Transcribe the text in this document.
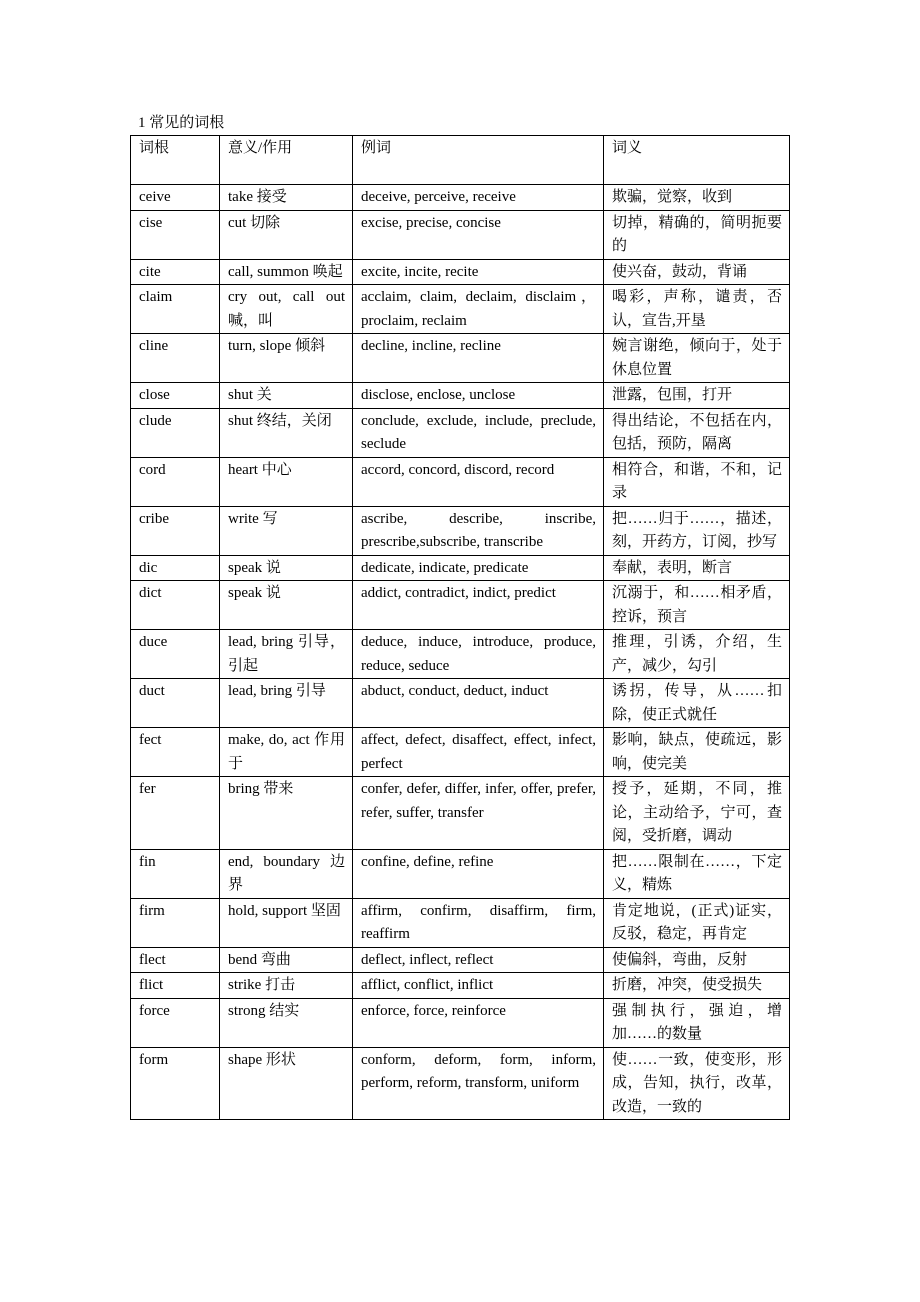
1 常见的词根
词根	意义/作用	例词	词义
ceive	take 接受	deceive, perceive, receive	欺骗，觉察，收到
cise	cut 切除	excise, precise, concise	切掉，精确的，简明扼要的
cite	call, summon 唤起	excite, incite, recite	使兴奋，鼓动，背诵
claim	cry out, call out 喊，叫	acclaim, claim, declaim, disclaim，proclaim, reclaim	喝彩，声称，谴责，否认，宣告,开垦
cline	turn, slope 倾斜	decline, incline, recline	婉言谢绝，倾向于，处于休息位置
close	shut 关	disclose, enclose, unclose	泄露，包围，打开
clude	shut 终结，关闭	conclude, exclude, include, preclude, seclude	得出结论，不包括在内，包括，预防，隔离
cord	heart 中心	accord, concord, discord, record	相符合，和谐，不和，记录
cribe	write 写	ascribe, describe, inscribe, prescribe,subscribe, transcribe	把……归于……，描述，刻，开药方，订阅，抄写
dic	speak 说	dedicate, indicate, predicate	奉献，表明，断言
dict	speak 说	addict, contradict, indict, predict	沉溺于，和……相矛盾，控诉，预言
duce	lead, bring 引导，引起	deduce, induce, introduce, produce, reduce, seduce	推理，引诱，介绍，生产，减少，勾引
duct	lead, bring 引导	abduct, conduct, deduct, induct	诱拐，传导，从……扣除，使正式就任
fect	make, do, act 作用于	affect, defect, disaffect, effect, infect, perfect	影响，缺点，使疏远，影响，使完美
fer	bring 带来	confer, defer, differ, infer, offer, prefer, refer, suffer, transfer	授予，延期，不同，推论，主动给予，宁可，查阅，受折磨，调动
fin	end, boundary 边界	confine, define, refine	把……限制在……，下定义，精炼
firm	hold, support 坚固	affirm, confirm, disaffirm, firm, reaffirm	肯定地说，(正式)证实，反驳，稳定，再肯定
flect	bend 弯曲	deflect, inflect, reflect	使偏斜，弯曲，反射
flict	strike 打击	afflict, conflict, inflict	折磨，冲突，使受损失
force	strong 结实	enforce, force, reinforce	强制执行，强迫，增加……的数量
form	shape 形状	conform, deform, form, inform, perform, reform, transform, uniform	使……一致，使变形，形成，告知，执行，改革，改造，一致的
